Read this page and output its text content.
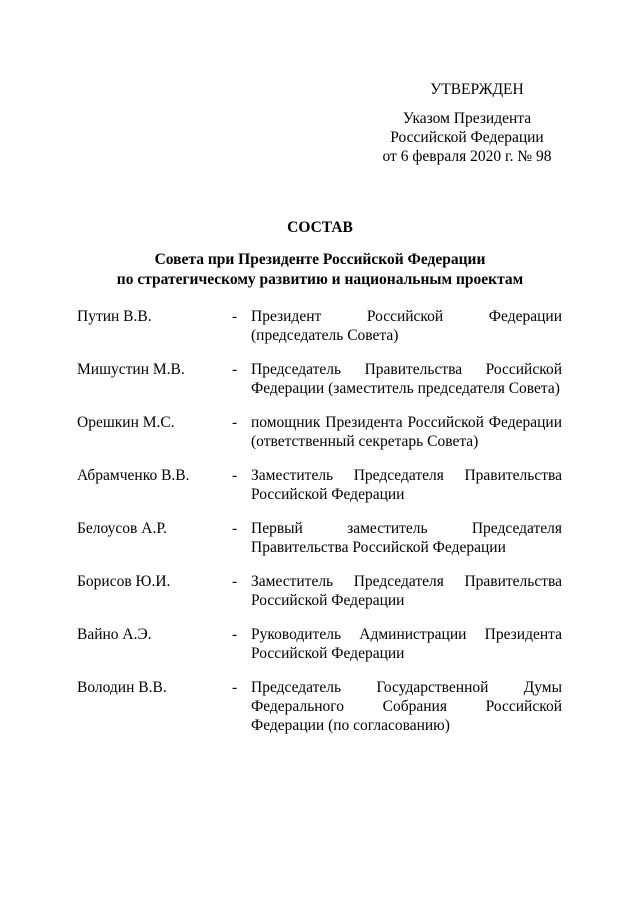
УТВЕРЖДЕН
Указом Президента
Российской Федерации
от 6 февраля 2020 г. № 98
СОСТАВ
Совета при Президенте Российской Федерации
по стратегическому развитию и национальным проектам
Путин В.В.	- Президент Российской Федерации (председатель Совета)
Мишустин М.В.	- Председатель Правительства Российской Федерации (заместитель председателя Совета)
Орешкин М.С.	- помощник Президента Российской Федерации (ответственный секретарь Совета)
Абрамченко В.В.	- Заместитель Председателя Правительства Российской Федерации
Белоусов А.Р.	- Первый заместитель Председателя Правительства Российской Федерации
Борисов Ю.И.	- Заместитель Председателя Правительства Российской Федерации
Вайно А.Э.	- Руководитель Администрации Президента Российской Федерации
Володин В.В.	- Председатель Государственной Думы Федерального Собрания Российской Федерации (по согласованию)
